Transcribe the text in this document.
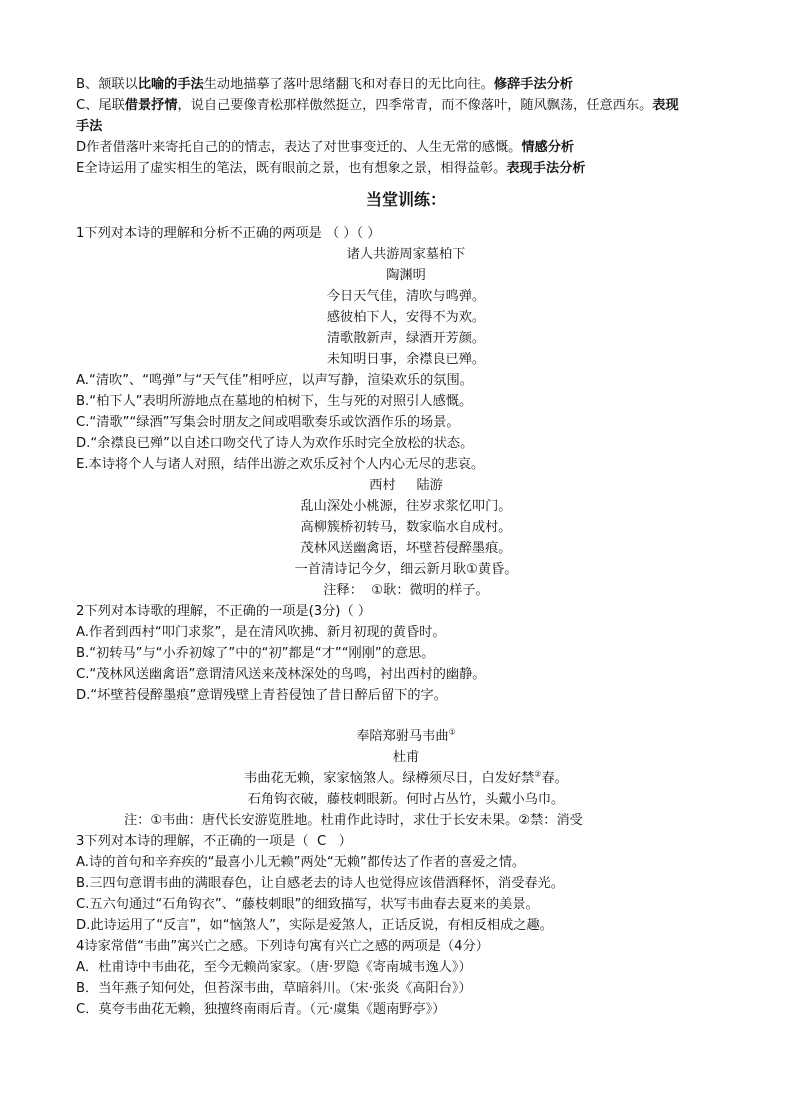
B、颔联以比喻的手法生动地描摹了落叶思绪翻飞和对春日的无比向往。修辞手法分析
C、尾联借景抒情，说自己要像青松那样傲然挺立，四季常青，而不像落叶，随风飘荡，任意西东。表现
手法
D作者借落叶来寄托自己的的情志，表达了对世事变迁的、人生无常的感慨。情感分析
E全诗运用了虚实相生的笔法，既有眼前之景，也有想象之景，相得益彰。表现手法分析
当堂训练：
1下列对本诗的理解和分析不正确的两项是 （ ）（ ）
诸人共游周家墓柏下
陶渊明
今日天气佳，清吹与鸣弹。
感彼柏下人，安得不为欢。
清歌散新声，绿酒开芳颜。
未知明日事，余襟良已殚。
A.“清吹”、“鸣弹”与“天气佳”相呼应，以声写静，渲染欢乐的氛围。
B.“柏下人”表明所游地点在墓地的柏树下，生与死的对照引人感慨。
C.“清歌”“绿酒”写集会时朋友之间或唱歌奏乐或饮酒作乐的场景。
D.“余襟良已殚”以自述口吻交代了诗人为欢作乐时完全放松的状态。
E.本诗将个人与诸人对照，结伴出游之欢乐反衬个人内心无尽的悲哀。
西村     陆游
乱山深处小桃源，往岁求浆忆叩门。
高柳簇桥初转马，数家临水自成村。
茂林风送幽禽语，坏壁苔侵醉墨痕。
一首清诗记今夕，细云新月耿①黄昏。
注释：  ①耿：微明的样子。
2下列对本诗歌的理解，不正确的一项是(3分)（ ）
A.作者到西村“叩门求浆”，是在清风吹拂、新月初现的黄昏时。
B.“初转马”与“小乔初嫁了”中的“初”都是“才”“刚刚”的意思。
C.“茂林风送幽禽语”意谓清风送来茂林深处的鸟鸣，衬出西村的幽静。
D.“坏壁苔侵醉墨痕”意谓残壁上青苔侵蚀了昔日醉后留下的字。
奉陪郑驸马韦曲①
杜甫
韦曲花无赖，家家恼煞人。绿樽须尽日，白发好禁②春。
石角钩衣破，藤枝刺眼新。何时占丛竹，头戴小乌巾。
注：①韦曲：唐代长安游览胜地。杜甫作此诗时，求仕于长安未果。②禁：消受
3下列对本诗的理解，不正确的一项是（  C   ）
A.诗的首句和辛弃疾的“最喜小儿无赖”两处“无赖”都传达了作者的喜爱之情。
B.三四句意谓韦曲的满眼春色，让自感老去的诗人也觉得应该借酒释怀，消受春光。
C.五六句通过“石角钩衣”、“藤枝刺眼”的细致描写，状写韦曲春去夏来的美景。
D.此诗运用了“反言”，如“恼煞人”，实际是爱煞人，正话反说，有相反相成之趣。
4诗家常借“韦曲”寓兴亡之感。下列诗句寓有兴亡之感的两项是（4分）
A．杜甫诗中韦曲花，至今无赖尚家家。（唐·罗隐《寄南城韦逸人》）
B．当年燕子知何处，但苔深韦曲，草暗斜川。（宋·张炎《高阳台》）
C．莫夸韦曲花无赖，独擅终南雨后青。（元·虞集《题南野亭》）
